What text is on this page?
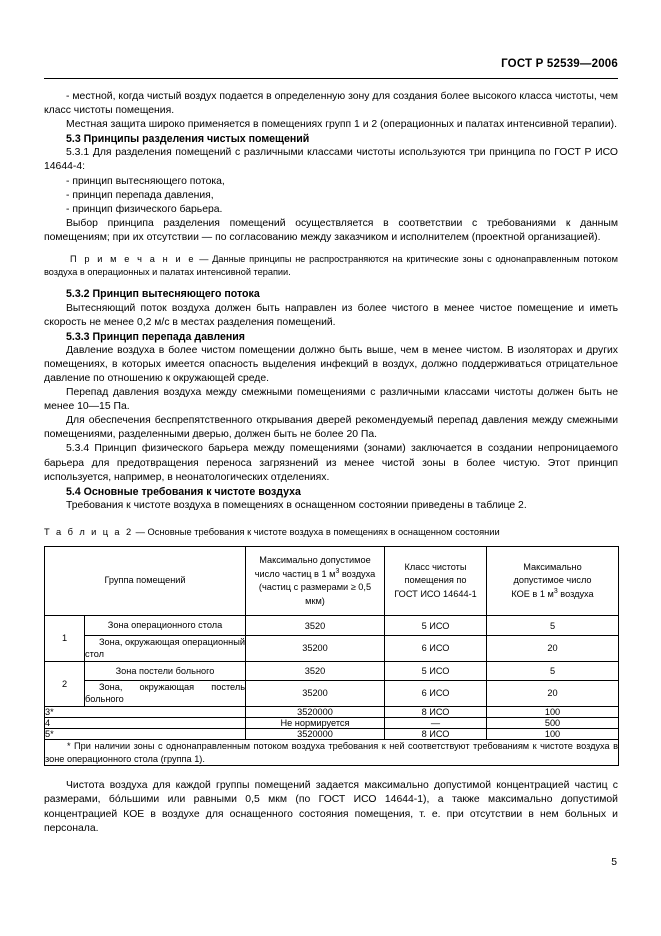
ГОСТ Р 52539—2006

- местной, когда чистый воздух подается в определенную зону для создания более высокого класса чистоты, чем класс чистоты помещения.

Местная защита широко применяется в помещениях групп 1 и 2 (операционных и палатах интенсивной терапии).

5.3 Принципы разделения чистых помещений

5.3.1 Для разделения помещений с различными классами чистоты используются три принципа по ГОСТ Р ИСО 14644-4:

- принцип вытесняющего потока,

- принцип перепада давления,

- принцип физического барьера.

Выбор принципа разделения помещений осуществляется в соответствии с требованиями к данным помещениям; при их отсутствии — по согласованию между заказчиком и исполнителем (проектной организацией).

П р и м е ч а н и е — Данные принципы не распространяются на критические зоны с однонаправленным потоком воздуха в операционных и палатах интенсивной терапии.

5.3.2 Принцип вытесняющего потока

Вытесняющий поток воздуха должен быть направлен из более чистого в менее чистое помещение и иметь скорость не менее 0,2 м/с в местах разделения помещений.

5.3.3 Принцип перепада давления

Давление воздуха в более чистом помещении должно быть выше, чем в менее чистом. В изоляторах и других помещениях, в которых имеется опасность выделения инфекций в воздух, должно поддерживаться отрицательное давление по отношению к окружающей среде.

Перепад давления воздуха между смежными помещениями с различными классами чистоты должен быть не менее 10—15 Па.

Для обеспечения беспрепятственного открывания дверей рекомендуемый перепад давления между смежными помещениями, разделенными дверью, должен быть не более 20 Па.

5.3.4 Принцип физического барьера между помещениями (зонами) заключается в создании непроницаемого барьера для предотвращения переноса загрязнений из менее чистой зоны в более чистую. Этот принцип используется, например, в неонатологических отделениях.

5.4 Основные требования к чистоте воздуха

Требования к чистоте воздуха в помещениях в оснащенном состоянии приведены в таблице 2.

Т а б л и ц а 2 — Основные требования к чистоте воздуха в помещениях в оснащенном состоянии

Группа помещений		Максимально допустимое
число частиц в 1 $м^3$ воздуха
(частиц с размерами ≥ 0,5 мкм)	Класс чистоты
помещения по
ГОСТ ИСО 14644-1	Максимально
допустимое число
КОЕ в 1 $м^3$ воздуха
1	Зона операционного стола	3520	5 ИСО	5
	Зона, окружающая операционный стол	35200	6 ИСО	20
2	Зона постели больного	3520	5 ИСО	5
	Зона, окружающая постель больного	35200	6 ИСО	20
3*		3520000	8 ИСО	100
4		Не нормируется	—	500
5*		3520000	8 ИСО	100
* При наличии зоны с однонаправленным потоком воздуха требования к ней соответствуют требованиям к чистоте воздуха в зоне операционного стола (группа 1).				

Чистота воздуха для каждой группы помещений задается максимально допустимой концентрацией частиц с размерами, бо́льшими или равными 0,5 мкм (по ГОСТ ИСО 14644-1), а также максимально допустимой концентрацией КОЕ в воздухе для оснащенного состояния помещения, т. е. при отсутствии в нем больных и персонала.

5
